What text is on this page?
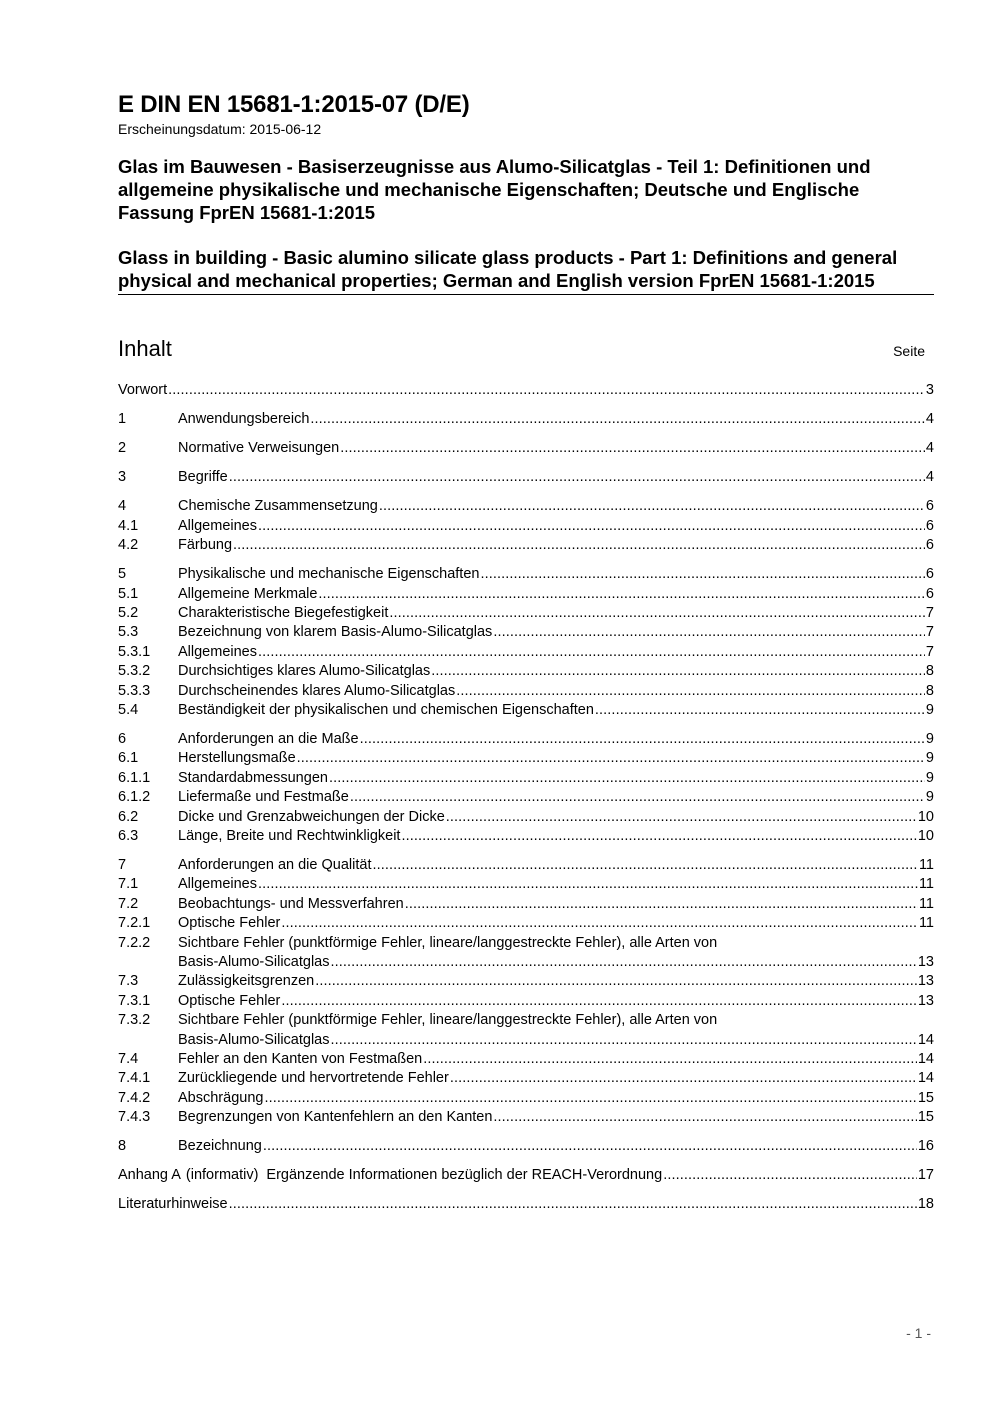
E DIN EN 15681-1:2015-07 (D/E)

Erscheinungsdatum: 2015-06-12

Glas im Bauwesen - Basiserzeugnisse aus Alumo-Silicatglas - Teil 1: Definitionen und allgemeine physikalische und mechanische Eigenschaften; Deutsche und Englische Fassung FprEN 15681-1:2015

Glass in building - Basic alumino silicate glass products - Part 1: Definitions and general physical and mechanical properties; German and English version FprEN 15681-1:2015

Inhalt	Seite
Vorwort .....	3
1	Anwendungsbereich .....	4
2	Normative Verweisungen .....	4
3	Begriffe .....	4
4	Chemische Zusammensetzung .....	6
4.1	Allgemeines .....	6
4.2	Färbung .....	6
5	Physikalische und mechanische Eigenschaften .....	6
5.1	Allgemeine Merkmale .....	6
5.2	Charakteristische Biegefestigkeit .....	7
5.3	Bezeichnung von klarem Basis-Alumo-Silicatglas .....	7
5.3.1	Allgemeines .....	7
5.3.2	Durchsichtiges klares Alumo-Silicatglas .....	8
5.3.3	Durchscheinendes klares Alumo-Silicatglas .....	8
5.4	Beständigkeit der physikalischen und chemischen Eigenschaften .....	9
6	Anforderungen an die Maße .....	9
6.1	Herstellungsmaße .....	9
6.1.1	Standardabmessungen .....	9
6.1.2	Liefermaße und Festmaße .....	9
6.2	Dicke und Grenzabweichungen der Dicke .....	10
6.3	Länge, Breite und Rechtwinkligkeit .....	10
7	Anforderungen an die Qualität .....	11
7.1	Allgemeines .....	11
7.2	Beobachtungs- und Messverfahren .....	11
7.2.1	Optische Fehler .....	11
7.2.2	Sichtbare Fehler (punktförmige Fehler, lineare/langgestreckte Fehler), alle Arten von
Basis-Alumo-Silicatglas .....	13
7.3	Zulässigkeitsgrenzen .....	13
7.3.1	Optische Fehler .....	13
7.3.2	Sichtbare Fehler (punktförmige Fehler, lineare/langgestreckte Fehler), alle Arten von
Basis-Alumo-Silicatglas .....	14
7.4	Fehler an den Kanten von Festmaßen .....	14
7.4.1	Zurückliegende und hervortretende Fehler .....	14
7.4.2	Abschrägung .....	15
7.4.3	Begrenzungen von Kantenfehlern an den Kanten .....	15
8	Bezeichnung .....	16
Anhang A (informativ) Ergänzende Informationen bezüglich der REACH-Verordnung .....	17
Literaturhinweise .....	18
- 1 -
